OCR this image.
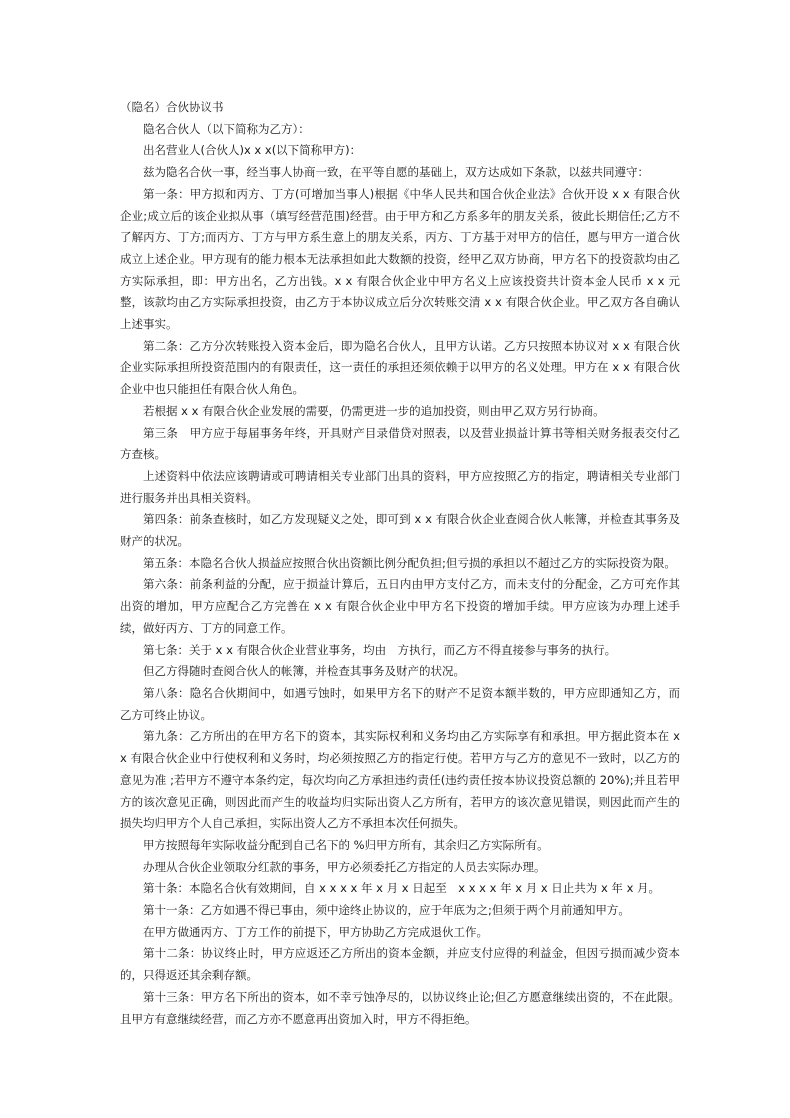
（隐名）合伙协议书

隐名合伙人（以下简称为乙方）：

出名营业人(合伙人)x x x(以下简称甲方)：

兹为隐名合伙一事，经当事人协商一致，在平等自愿的基础上，双方达成如下条款，以兹共同遵守：

第一条：甲方拟和丙方、丁方(可增加当事人)根据《中华人民共和国合伙企业法》合伙开设 x x 有限合伙企业;成立后的该企业拟从事（填写经营范围)经营。由于甲方和乙方系多年的朋友关系，彼此长期信任;乙方不了解丙方、丁方;而丙方、丁方与甲方系生意上的朋友关系，丙方、丁方基于对甲方的信任，愿与甲方一道合伙成立上述企业。甲方现有的能力根本无法承担如此大数额的投资，经甲乙双方协商，甲方名下的投资款均由乙方实际承担，即：甲方出名，乙方出钱。x x 有限合伙企业中甲方名义上应该投资共计资本金人民币 x x 元整，该款均由乙方实际承担投资，由乙方于本协议成立后分次转账交清 x x 有限合伙企业。甲乙双方各自确认上述事实。

第二条：乙方分次转账投入资本金后，即为隐名合伙人，且甲方认诺。乙方只按照本协议对 x x 有限合伙企业实际承担所投资范围内的有限责任，这一责任的承担还须依赖于以甲方的名义处理。甲方在 x x 有限合伙企业中也只能担任有限合伙人角色。

若根据 x x 有限合伙企业发展的需要，仍需更进一步的追加投资，则由甲乙双方另行协商。

第三条　甲方应于每届事务年终，开具财产目录借贷对照表，以及营业损益计算书等相关财务报表交付乙方查核。

上述资料中依法应该聘请或可聘请相关专业部门出具的资料，甲方应按照乙方的指定，聘请相关专业部门进行服务并出具相关资料。

第四条：前条查核时，如乙方发现疑义之处，即可到 x x 有限合伙企业查阅合伙人帐簿，并检查其事务及财产的状况。

第五条：本隐名合伙人损益应按照合伙出资额比例分配负担;但亏损的承担以不超过乙方的实际投资为限。

第六条：前条利益的分配，应于损益计算后，五日内由甲方支付乙方，而未支付的分配金，乙方可充作其出资的增加，甲方应配合乙方完善在 x x 有限合伙企业中甲方名下投资的增加手续。甲方应该为办理上述手续，做好丙方、丁方的同意工作。

第七条：关于 x x 有限合伙企业营业事务，均由　方执行，而乙方不得直接参与事务的执行。

但乙方得随时查阅合伙人的帐簿，并检查其事务及财产的状况。

第八条：隐名合伙期间中，如遇亏蚀时，如果甲方名下的财产不足资本额半数的，甲方应即通知乙方，而乙方可终止协议。

第九条：乙方所出的在甲方名下的资本，其实际权利和义务均由乙方实际享有和承担。甲方据此资本在 x x 有限合伙企业中行使权利和义务时，均必须按照乙方的指定行使。若甲方与乙方的意见不一致时，以乙方的意见为准 ;若甲方不遵守本条约定，每次均向乙方承担违约责任(违约责任按本协议投资总额的 20%);并且若甲方的该次意见正确，则因此而产生的收益均归实际出资人乙方所有，若甲方的该次意见错误，则因此而产生的损失均归甲方个人自己承担，实际出资人乙方不承担本次任何损失。

甲方按照每年实际收益分配到自己名下的 %归甲方所有，其余归乙方实际所有。

办理从合伙企业领取分红款的事务，甲方必须委托乙方指定的人员去实际办理。

第十条：本隐名合伙有效期间，自 x x x x 年 x 月 x 日起至　x x x x 年 x 月 x 日止共为 x 年 x 月。

第十一条：乙方如遇不得已事由，须中途终止协议的，应于年底为之;但须于两个月前通知甲方。

在甲方做通丙方、丁方工作的前提下，甲方协助乙方完成退伙工作。

第十二条：协议终止时，甲方应返还乙方所出的资本金额，并应支付应得的利益金，但因亏损而减少资本的，只得返还其余剩存额。

第十三条：甲方名下所出的资本，如不幸亏蚀净尽的，以协议终止论;但乙方愿意继续出资的，不在此限。且甲方有意继续经营，而乙方亦不愿意再出资加入时，甲方不得拒绝。
